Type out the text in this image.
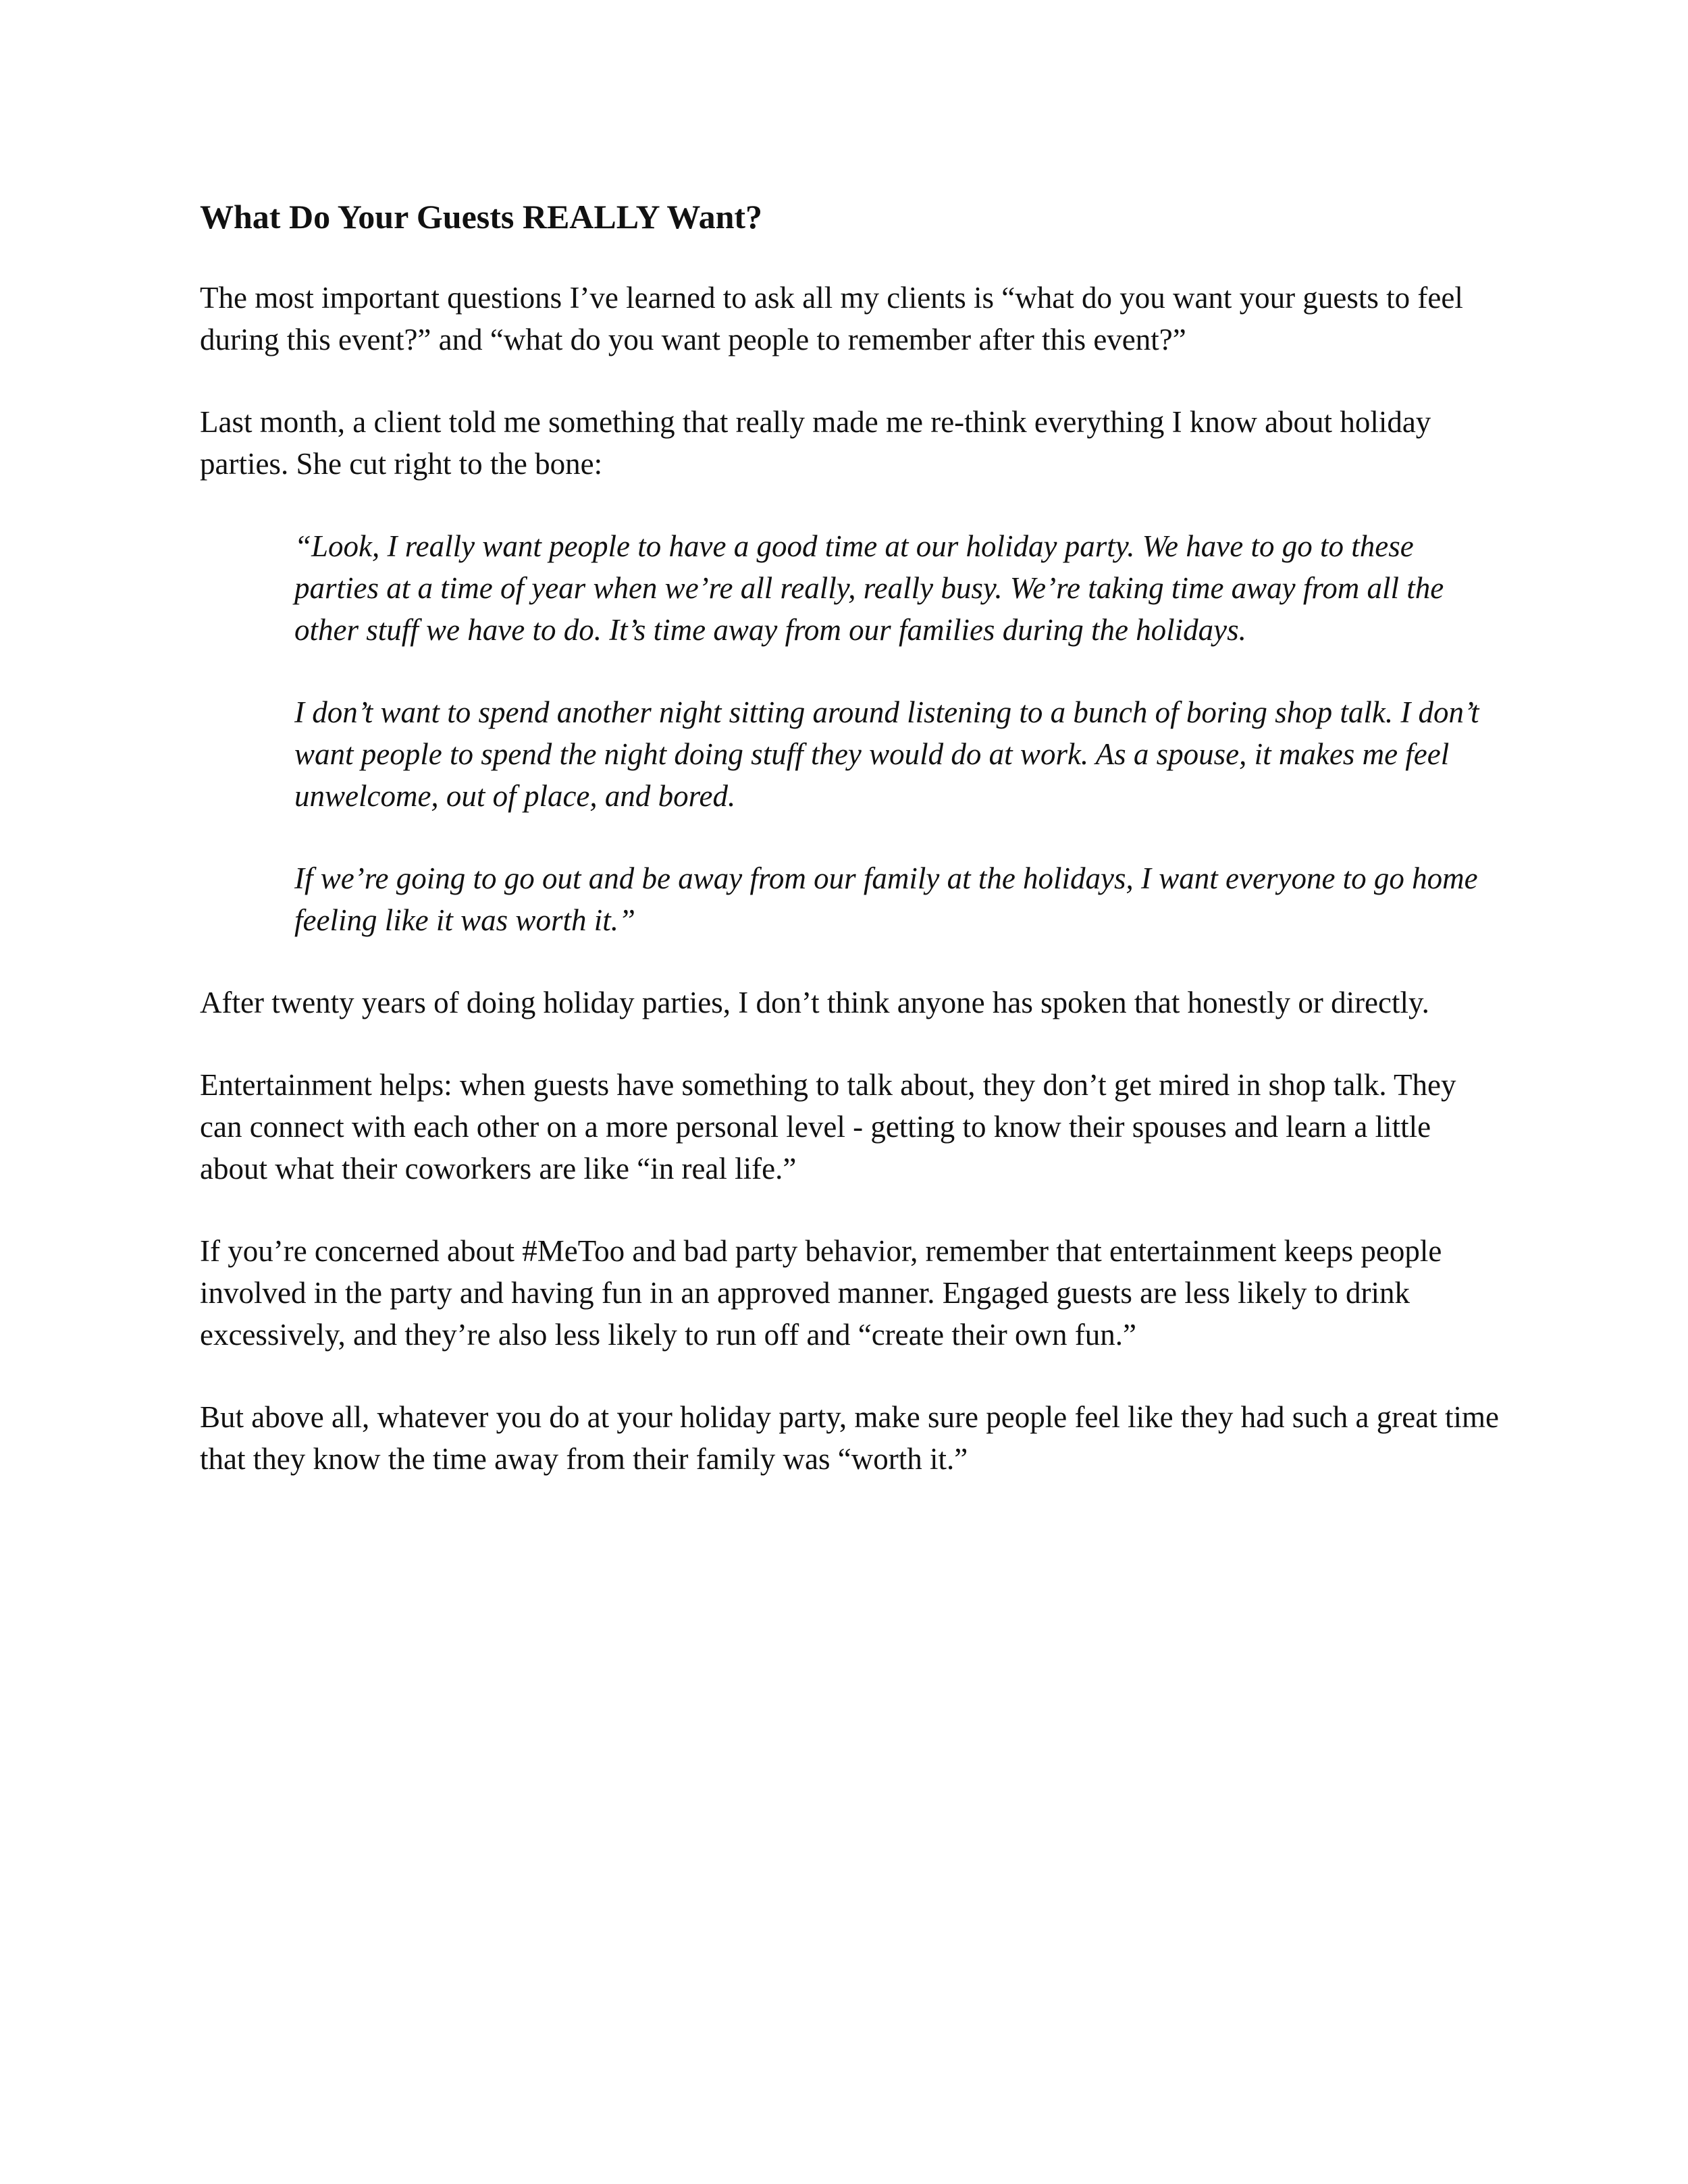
What Do Your Guests REALLY Want?

The most important questions I’ve learned to ask all my clients is “what do you want your guests to feel during this event?” and “what do you want people to remember after this event?”

Last month, a client told me something that really made me re-think everything I know about holiday parties. She cut right to the bone:

“Look, I really want people to have a good time at our holiday party. We have to go to these parties at a time of year when we’re all really, really busy. We’re taking time away from all the other stuff we have to do. It’s time away from our families during the holidays.

I don’t want to spend another night sitting around listening to a bunch of boring shop talk. I don’t want people to spend the night doing stuff they would do at work. As a spouse, it makes me feel unwelcome, out of place, and bored.

If we’re going to go out and be away from our family at the holidays, I want everyone to go home feeling like it was worth it.”

After twenty years of doing holiday parties, I don’t think anyone has spoken that honestly or directly.

Entertainment helps: when guests have something to talk about, they don’t get mired in shop talk. They can connect with each other on a more personal level - getting to know their spouses and learn a little about what their coworkers are like “in real life.”

If you’re concerned about #MeToo and bad party behavior, remember that entertainment keeps people involved in the party and having fun in an approved manner. Engaged guests are less likely to drink excessively, and they’re also less likely to run off and “create their own fun.”

But above all, whatever you do at your holiday party, make sure people feel like they had such a great time that they know the time away from their family was “worth it.”
